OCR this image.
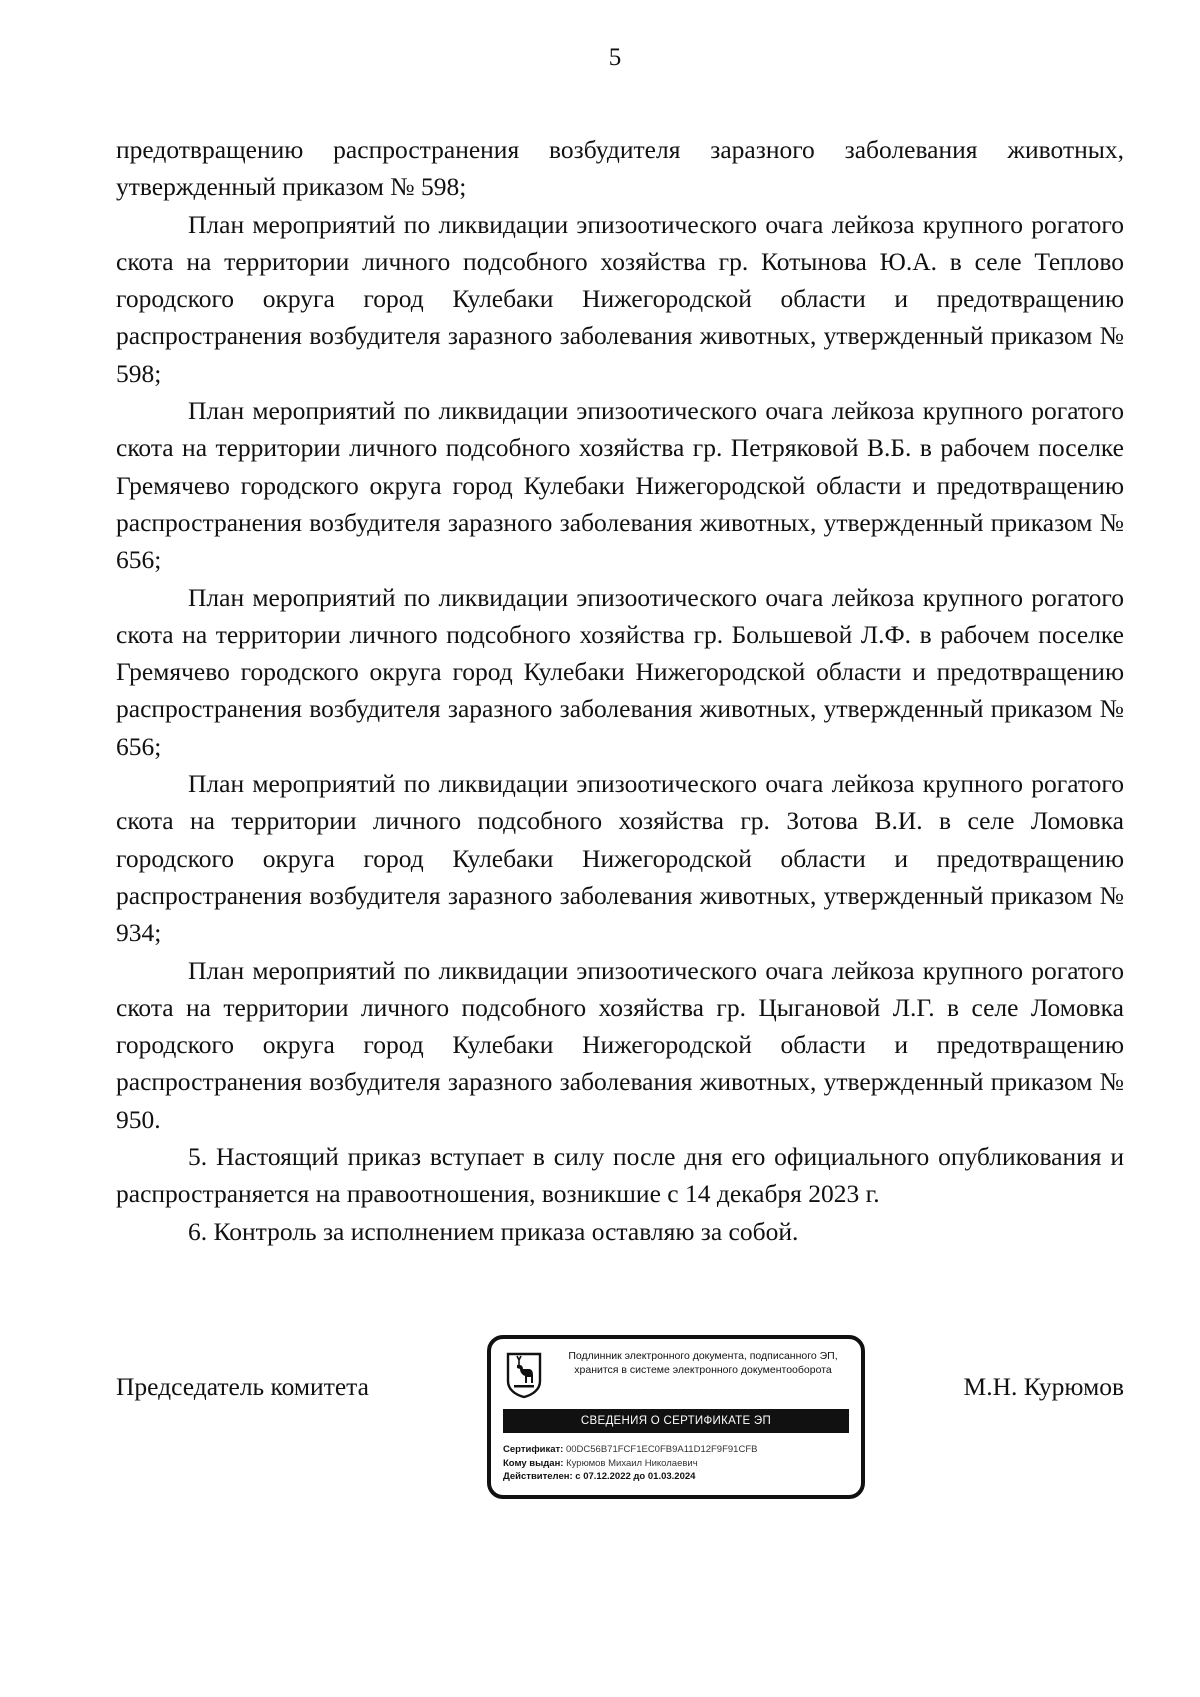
5

предотвращению распространения возбудителя заразного заболевания животных, утвержденный приказом № 598;

План мероприятий по ликвидации эпизоотического очага лейкоза крупного рогатого скота на территории личного подсобного хозяйства гр. Котынова Ю.А. в селе Теплово городского округа город Кулебаки Нижегородской области и предотвращению распространения возбудителя заразного заболевания животных, утвержденный приказом № 598;

План мероприятий по ликвидации эпизоотического очага лейкоза крупного рогатого скота на территории личного подсобного хозяйства гр. Петряковой В.Б. в рабочем поселке Гремячево городского округа город Кулебаки Нижегородской области и предотвращению распространения возбудителя заразного заболевания животных, утвержденный приказом № 656;

План мероприятий по ликвидации эпизоотического очага лейкоза крупного рогатого скота на территории личного подсобного хозяйства гр. Большевой Л.Ф. в рабочем поселке Гремячево городского округа город Кулебаки Нижегородской области и предотвращению распространения возбудителя заразного заболевания животных, утвержденный приказом № 656;

План мероприятий по ликвидации эпизоотического очага лейкоза крупного рогатого скота на территории личного подсобного хозяйства гр. Зотова В.И. в селе Ломовка городского округа город Кулебаки Нижегородской области и предотвращению распространения возбудителя заразного заболевания животных, утвержденный приказом № 934;

План мероприятий по ликвидации эпизоотического очага лейкоза крупного рогатого скота на территории личного подсобного хозяйства гр. Цыгановой Л.Г. в селе Ломовка городского округа город Кулебаки Нижегородской области и предотвращению распространения возбудителя заразного заболевания животных, утвержденный приказом № 950.

5. Настоящий приказ вступает в силу после дня его официального опубликования и распространяется на правоотношения, возникшие с 14 декабря 2023 г.

6. Контроль за исполнением приказа оставляю за собой.

Председатель комитета
Подлинник электронного документа, подписанного ЭП,
хранится в системе электронного документооборота
СВЕДЕНИЯ О СЕРТИФИКАТЕ ЭП
Сертификат: 00DC56B71FCF1EC0FB9A11D12F9F91CFB
Кому выдан: Курюмов Михаил Николаевич
Действителен: с 07.12.2022 до 01.03.2024
М.Н. Курюмов
